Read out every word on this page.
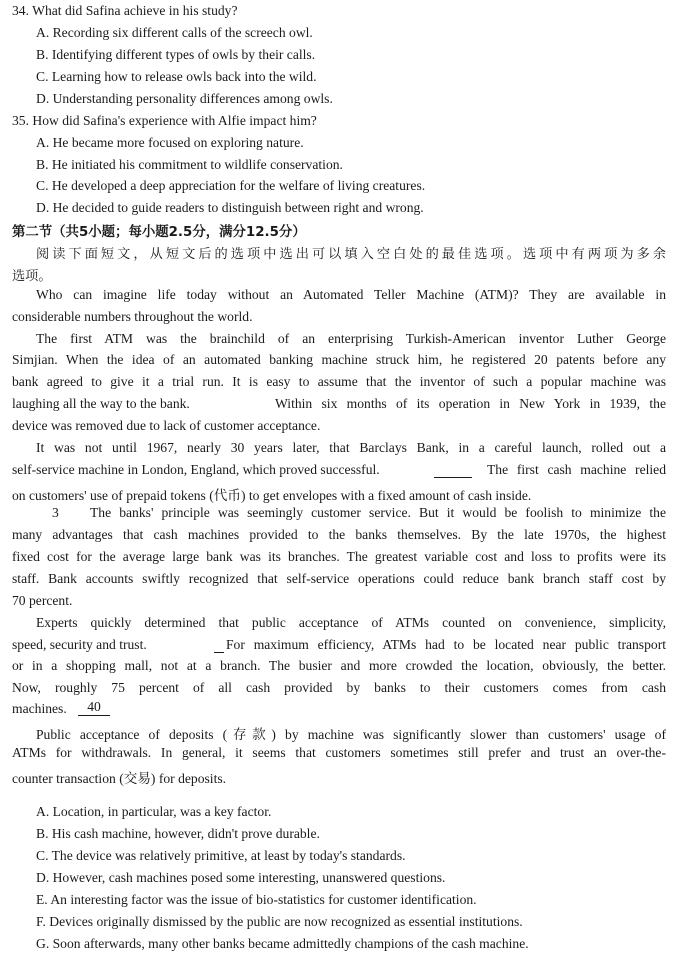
34. What did Safina achieve in his study?
A. Recording six different calls of the screech owl.
B. Identifying different types of owls by their calls.
C. Learning how to release owls back into the wild.
D. Understanding personality differences among owls.
35. How did Safina's experience with Alfie impact him?
A. He became more focused on exploring nature.
B. He initiated his commitment to wildlife conservation.
C. He developed a deep appreciation for the welfare of living creatures.
D. He decided to guide readers to distinguish between right and wrong.
第二节（共5小题；每小题2.5分，满分12.5分）
阅读下面短文，从短文后的选项中选出可以填入空白处的最佳选项。选项中有两项为多余
选项。
Who can imagine life today without an Automated Teller Machine (ATM)? They are available in
considerable numbers throughout the world.
The first ATM was the brainchild of an enterprising Turkish-American inventor Luther George
Simjian. When the idea of an automated banking machine struck him, he registered 20 patents before any
bank agreed to give it a trial run. It is easy to assume that the inventor of such a popular machine was
laughing all the way to the bank.	Within six months of its operation in New York in 1939, the
device was removed due to lack of customer acceptance.
It was not until 1967, nearly 30 years later, that Barclays Bank, in a careful launch, rolled out a
self-service machine in London, England, which proved successful.	The first cash machine relied
on customers' use of prepaid tokens (代币) to get envelopes with a fixed amount of cash inside.
3 The banks' principle was seemingly customer service. But it would be foolish to minimize the
many advantages that cash machines provided to the banks themselves. By the late 1970s, the highest
fixed cost for the average large bank was its branches. The greatest variable cost and loss to profits were its
staff. Bank accounts swiftly recognized that self-service operations could reduce bank branch staff cost by
70 percent.
Experts quickly determined that public acceptance of ATMs counted on convenience, simplicity,
speed, security and trust.	For maximum efficiency, ATMs had to be located near public transport
or in a shopping mall, not at a branch. The busier and more crowded the location, obviously, the better.
Now, roughly 75 percent of all cash provided by banks to their customers comes from cash
machines.	40
Public acceptance of deposits (存款) by machine was significantly slower than customers' usage of
ATMs for withdrawals. In general, it seems that customers sometimes still prefer and trust an over-the-
counter transaction (交易) for deposits.
A. Location, in particular, was a key factor.
B. His cash machine, however, didn't prove durable.
C. The device was relatively primitive, at least by today's standards.
D. However, cash machines posed some interesting, unanswered questions.
E. An interesting factor was the issue of bio-statistics for customer identification.
F. Devices originally dismissed by the public are now recognized as essential institutions.
G. Soon afterwards, many other banks became admittedly champions of the cash machine.
